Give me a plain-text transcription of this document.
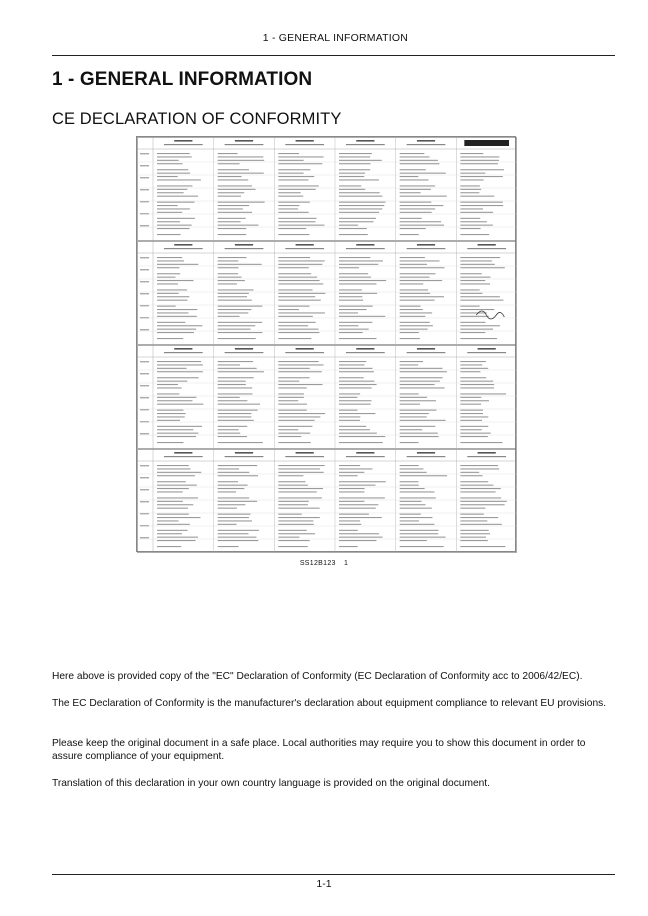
1 - GENERAL INFORMATION
1 - GENERAL INFORMATION
CE DECLARATION OF CONFORMITY
SS12B123 1

Here above is provided copy of the "EC" Declaration of Conformity (EC Declaration of Conformity acc to 2006/42/EC).

The EC Declaration of Conformity is the manufacturer's declaration about equipment compliance to relevant EU provisions.

Please keep the original document in a safe place. Local authorities may require you to show this document in order to assure compliance of your equipment.

Translation of this declaration in your own country language is provided on the original document.

1-1
